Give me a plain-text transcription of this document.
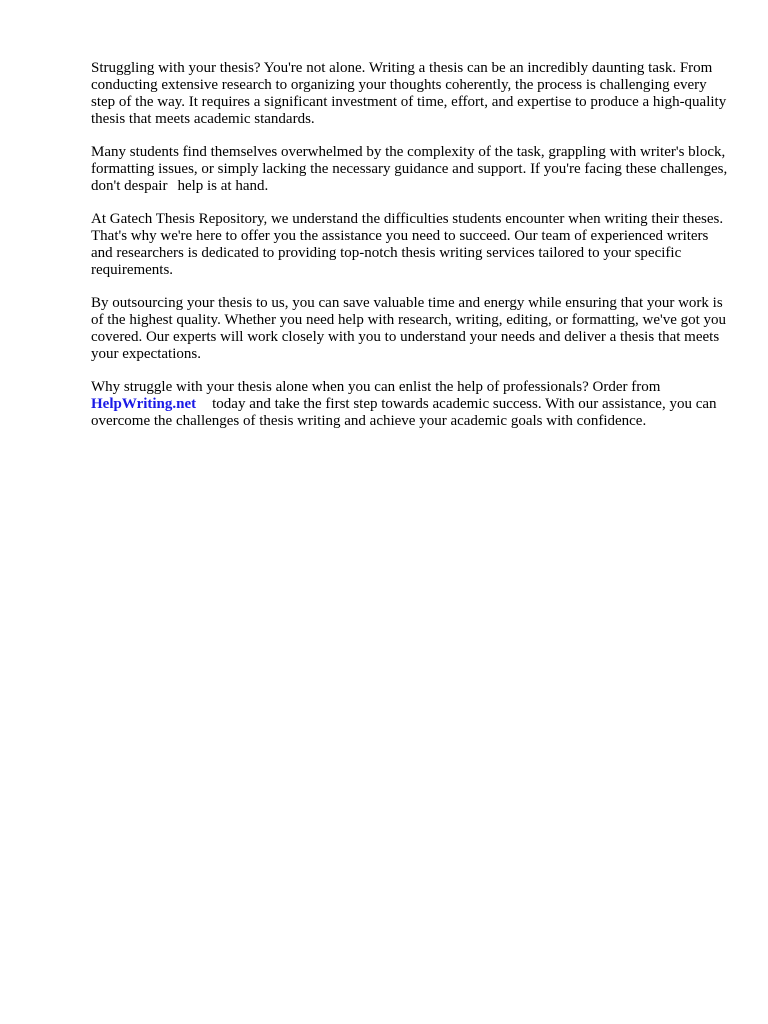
Struggling with your thesis? You're not alone. Writing a thesis can be an incredibly daunting task. From conducting extensive research to organizing your thoughts coherently, the process is challenging every step of the way. It requires a significant investment of time, effort, and expertise to produce a high-quality thesis that meets academic standards.

Many students find themselves overwhelmed by the complexity of the task, grappling with writer's block, formatting issues, or simply lacking the necessary guidance and support. If you're facing these challenges, don't despair help is at hand.

At Gatech Thesis Repository, we understand the difficulties students encounter when writing their theses. That's why we're here to offer you the assistance you need to succeed. Our team of experienced writers and researchers is dedicated to providing top-notch thesis writing services tailored to your specific requirements.

By outsourcing your thesis to us, you can save valuable time and energy while ensuring that your work is of the highest quality. Whether you need help with research, writing, editing, or formatting, we've got you covered. Our experts will work closely with you to understand your needs and deliver a thesis that meets your expectations.

Why struggle with your thesis alone when you can enlist the help of professionals? Order from
HelpWriting.net today and take the first step towards academic success. With our assistance, you can overcome the challenges of thesis writing and achieve your academic goals with confidence.
